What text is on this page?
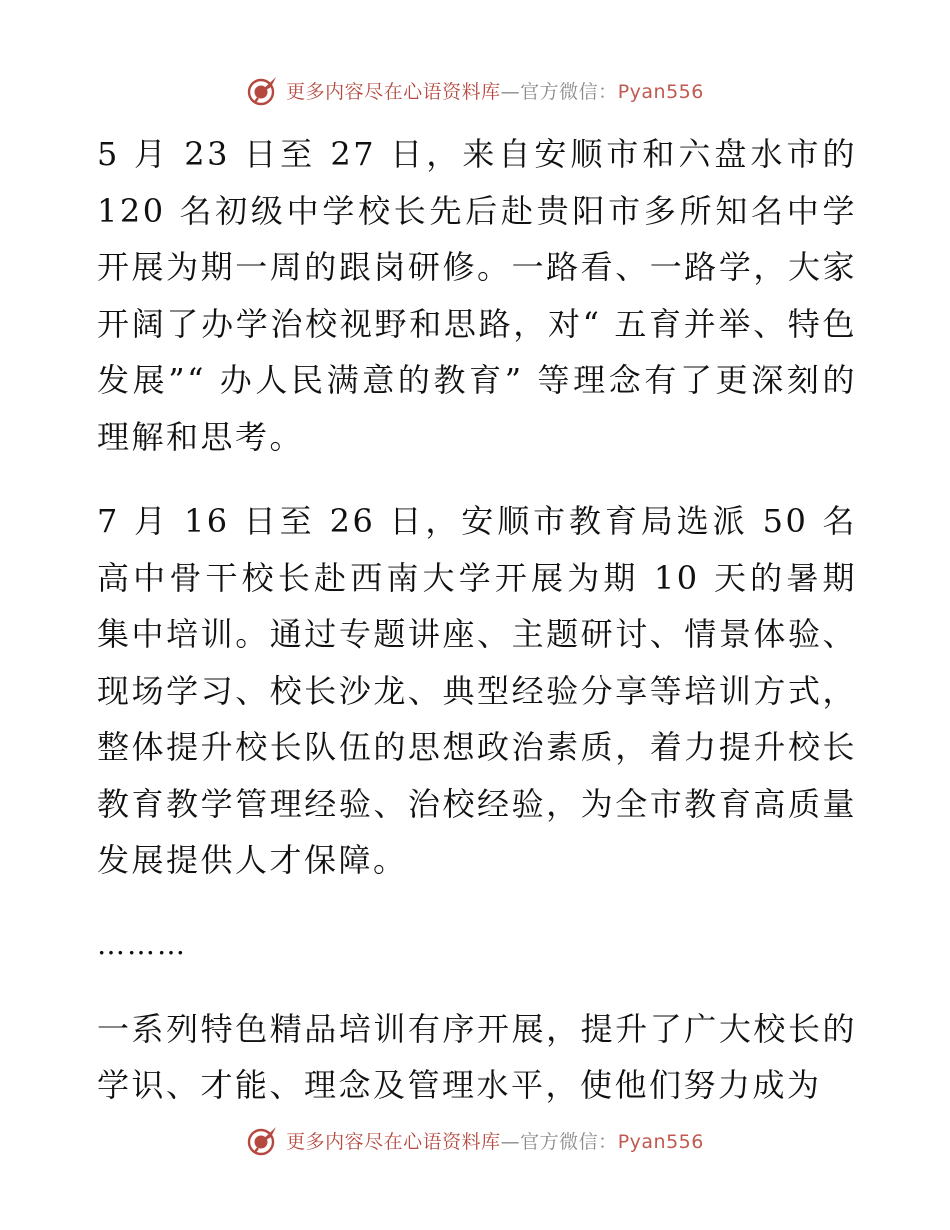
更多内容尽在心语资料库—官方微信：Pyan556

5 月 23 日至 27 日，来自安顺市和六盘水市的 120 名初级中学校长先后赴贵阳市多所知名中学开展为期一周的跟岗研修。一路看、一路学，大家开阔了办学治校视野和思路，对“ 五育并举、特色发展”“ 办人民满意的教育” 等理念有了更深刻的理解和思考。

7 月 16 日至 26 日，安顺市教育局选派 50 名高中骨干校长赴西南大学开展为期 10 天的暑期集中培训。通过专题讲座、主题研讨、情景体验、现场学习、校长沙龙、典型经验分享等培训方式，整体提升校长队伍的思想政治素质，着力提升校长教育教学管理经验、治校经验，为全市教育高质量发展提供人才保障。

………

一系列特色精品培训有序开展，提升了广大校长的学识、才能、理念及管理水平，使他们努力成为

更多内容尽在心语资料库—官方微信：Pyan556
